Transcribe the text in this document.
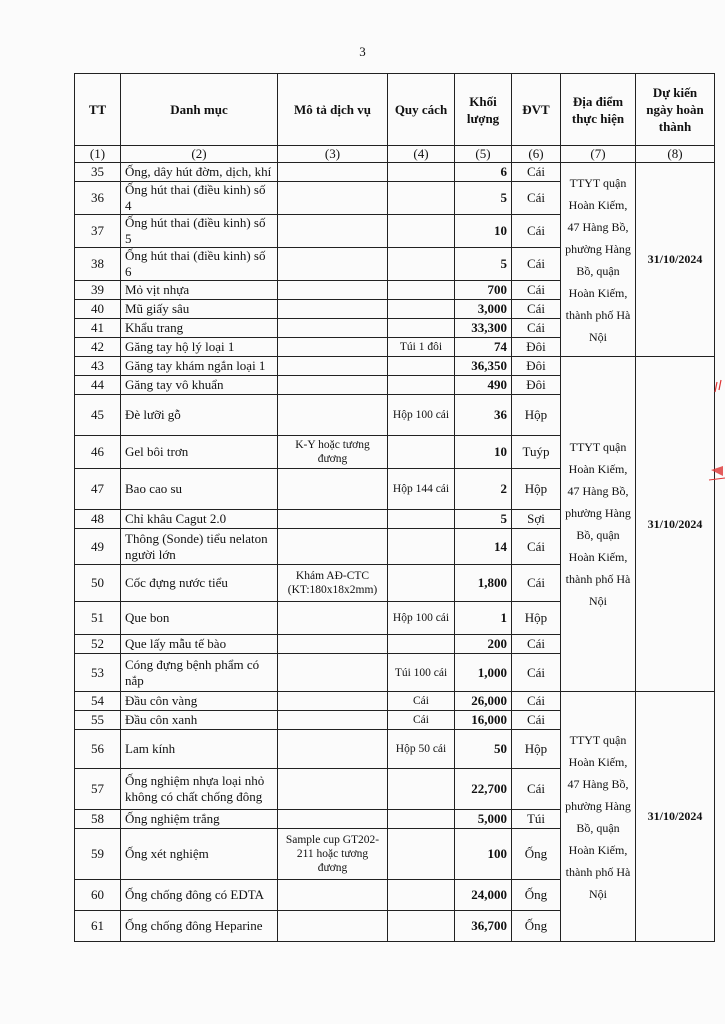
3
TT	Danh mục	Mô tả dịch vụ	Quy cách	Khối lượng	ĐVT	Địa điểm thực hiện	Dự kiến ngày hoàn thành
(1)	(2)	(3)	(4)	(5)	(6)	(7)	(8)
35	Ống, dây hút đờm, dịch, khí			6	Cái	TTYT quận Hoàn Kiếm, 47 Hàng Bồ, phường Hàng Bồ, quận Hoàn Kiếm, thành phố Hà Nội	31/10/2024
36	Ống hút thai (điều kinh) số 4			5	Cái		
37	Ống hút thai (điều kinh) số 5			10	Cái		
38	Ống hút thai (điều kinh) số 6			5	Cái		
39	Mỏ vịt nhựa			700	Cái		
40	Mũ giấy sâu			3,000	Cái		
41	Khẩu trang			33,300	Cái		
42	Găng tay hộ lý loại 1		Túi 1 đôi	74	Đôi		
43	Găng tay khám ngắn loại 1			36,350	Đôi	TTYT quận Hoàn Kiếm, 47 Hàng Bồ, phường Hàng Bồ, quận Hoàn Kiếm, thành phố Hà Nội	31/10/2024
44	Găng tay vô khuẩn			490	Đôi		
45	Đè lưỡi gỗ		Hộp 100 cái	36	Hộp		
46	Gel bôi trơn	K-Y hoặc tương đương		10	Tuýp		
47	Bao cao su		Hộp 144 cái	2	Hộp		
48	Chỉ khâu Cagut 2.0			5	Sợi		
49	Thông (Sonde) tiểu nelaton người lớn			14	Cái		
50	Cốc đựng nước tiểu	Khám AĐ-CTC (KT:180x18x2mm)		1,800	Cái		
51	Que bon		Hộp 100 cái	1	Hộp		
52	Que lấy mẫu tế bào			200	Cái		
53	Cóng đựng bệnh phẩm có nắp		Túi 100 cái	1,000	Cái		
54	Đầu côn vàng		Cái	26,000	Cái	TTYT quận Hoàn Kiếm, 47 Hàng Bồ, phường Hàng Bồ, quận Hoàn Kiếm, thành phố Hà Nội	31/10/2024
55	Đầu côn xanh		Cái	16,000	Cái		
56	Lam kính		Hộp 50 cái	50	Hộp		
57	Ống nghiệm nhựa loại nhỏ không có chất chống đông			22,700	Cái		
58	Ống nghiệm trắng			5,000	Túi		
59	Ống xét nghiệm	Sample cup GT202-211 hoặc tương đương		100	Ống		
60	Ống chống đông có EDTA			24,000	Ống		
61	Ống chống đông Heparine			36,700	Ống		
